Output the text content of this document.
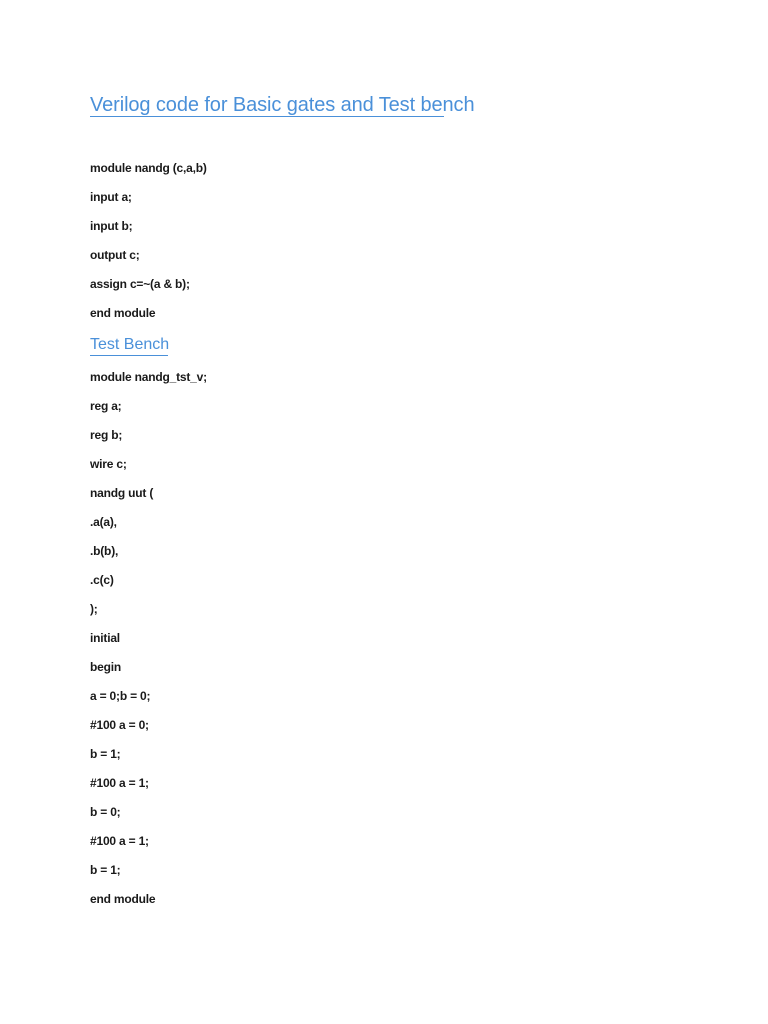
Verilog code for Basic gates and Test bench

module nandg (c,a,b)

input a;

input b;

output c;

assign c=~(a & b);

end module

Test Bench

module nandg_tst_v;

reg a;

reg b;

wire c;

nandg uut (

.a(a),

.b(b),

.c(c)

);

initial

begin

a = 0;b = 0;

#100 a = 0;

b = 1;

#100 a = 1;

b = 0;

#100 a = 1;

b = 1;

end module
